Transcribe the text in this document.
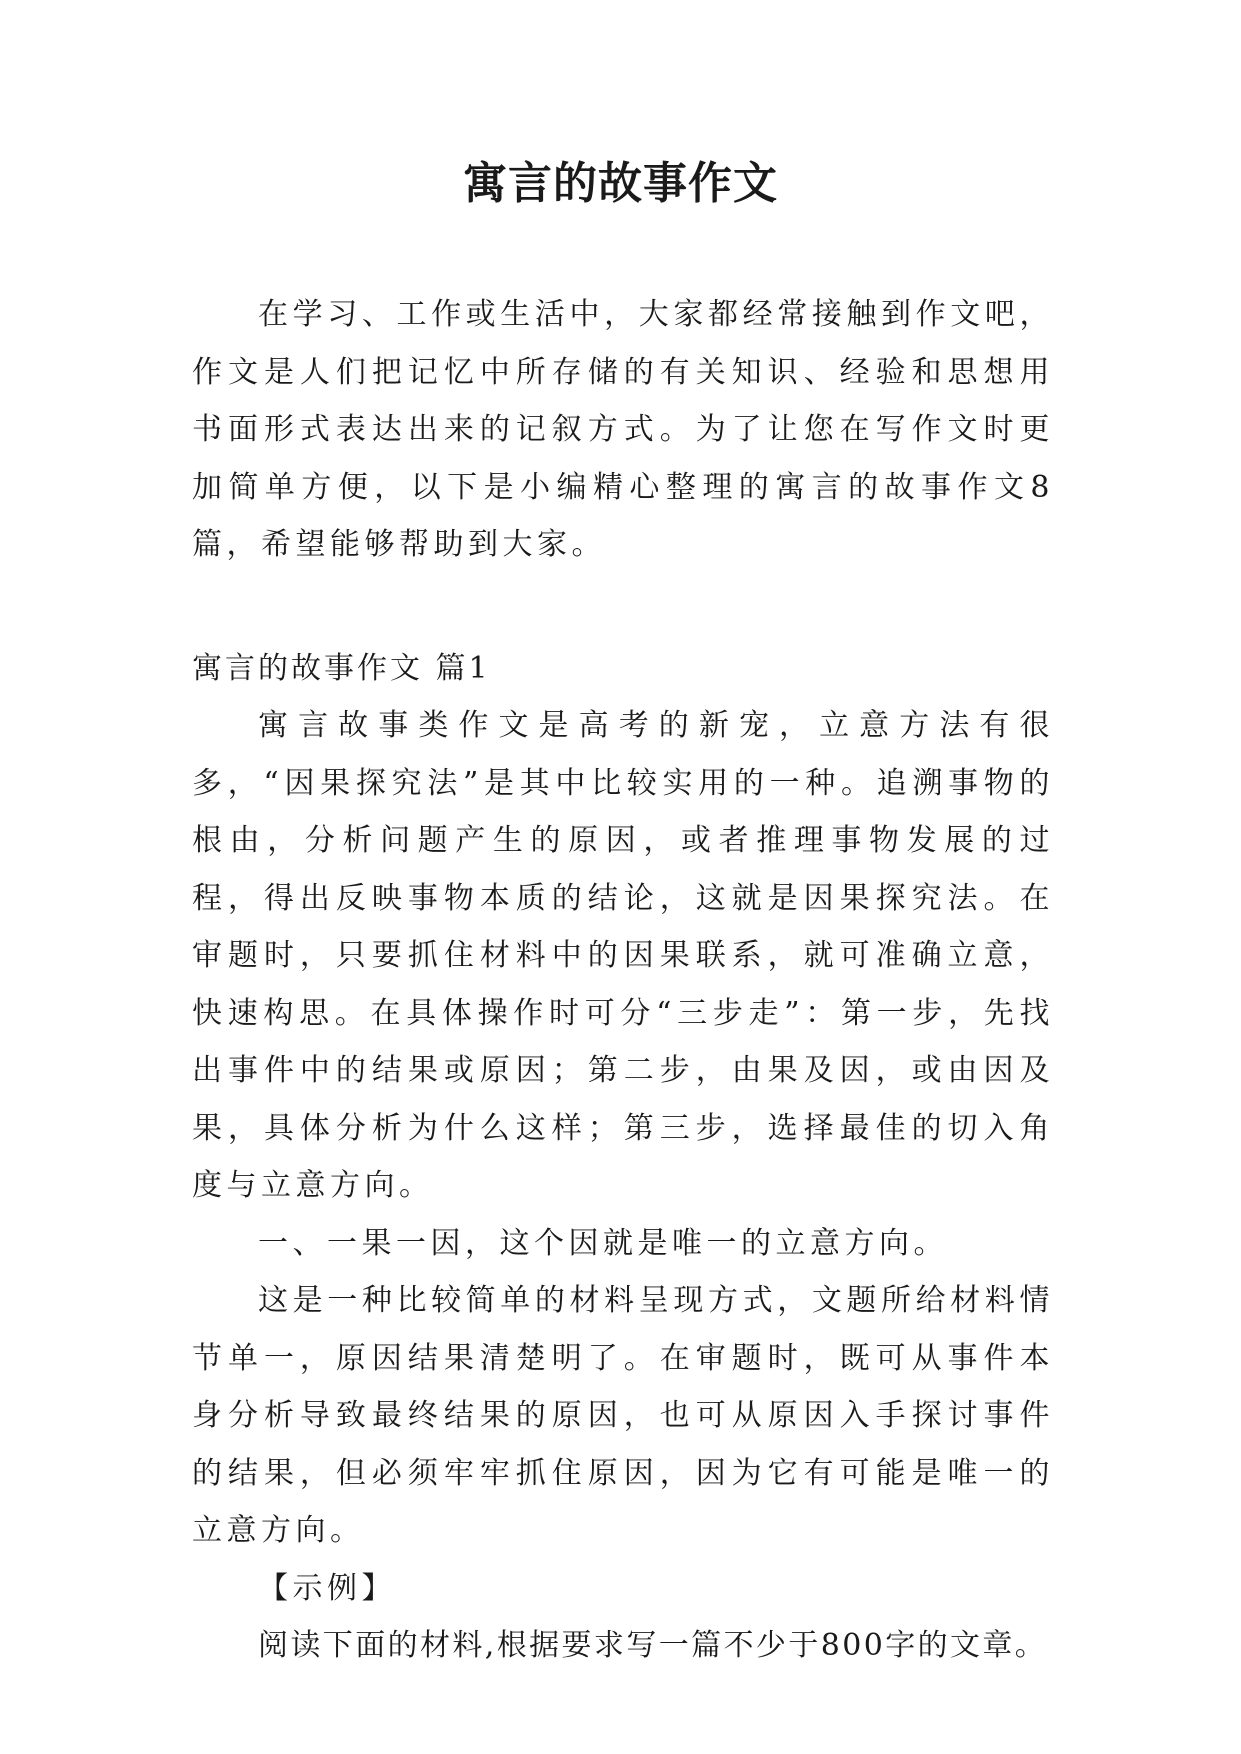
寓言的故事作文

在学习、工作或生活中，大家都经常接触到作文吧，作文是人们把记忆中所存储的有关知识、经验和思想用书面形式表达出来的记叙方式。为了让您在写作文时更加简单方便，以下是小编精心整理的寓言的故事作文8篇，希望能够帮助到大家。

寓言的故事作文 篇1

寓言故事类作文是高考的新宠，立意方法有很多，“因果探究法”是其中比较实用的一种。追溯事物的根由，分析问题产生的原因，或者推理事物发展的过程，得出反映事物本质的结论，这就是因果探究法。在审题时，只要抓住材料中的因果联系，就可准确立意，快速构思。在具体操作时可分“三步走”：第一步，先找出事件中的结果或原因；第二步，由果及因，或由因及果，具体分析为什么这样；第三步，选择最佳的切入角度与立意方向。

一、一果一因，这个因就是唯一的立意方向。

这是一种比较简单的材料呈现方式，文题所给材料情节单一，原因结果清楚明了。在审题时，既可从事件本身分析导致最终结果的原因，也可从原因入手探讨事件的结果，但必须牢牢抓住原因，因为它有可能是唯一的立意方向。

【示例】

阅读下面的材料,根据要求写一篇不少于800字的文章。
